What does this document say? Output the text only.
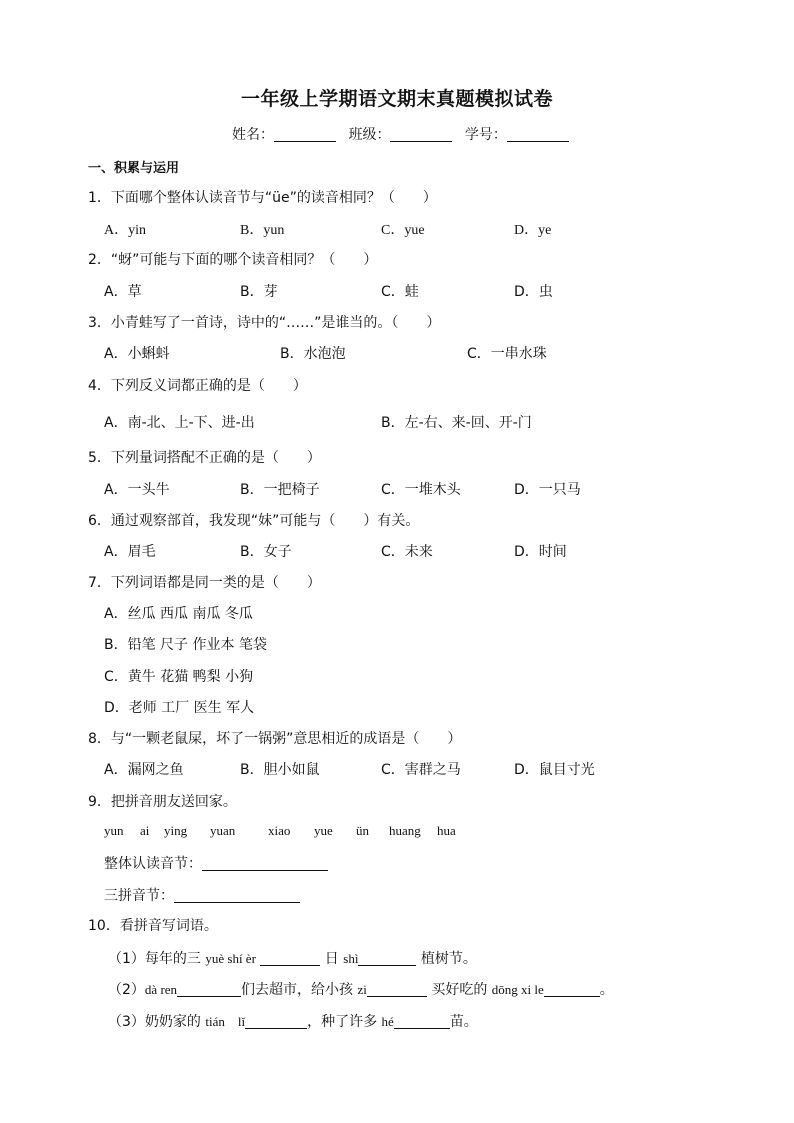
一年级上学期语文期末真题模拟试卷
姓名：	班级：	学号：
一、积累与运用
1．下面哪个整体认读音节与“üe”的读音相同？（　　）
A．yin	B．yun	C．yue	D．ye
2．“蚜”可能与下面的哪个读音相同？（　　）
A．草	B．芽	C．蛙	D．虫
3．小青蛙写了一首诗，诗中的“……”是谁当的。（　　）
A．小蝌蚪	B．水泡泡	C．一串水珠
4．下列反义词都正确的是（　　）
A．南-北、上-下、进-出	B．左-右、来-回、开-门
5．下列量词搭配不正确的是（　　）
A．一头牛	B．一把椅子	C．一堆木头	D．一只马
6．通过观察部首，我发现“妹”可能与（　　）有关。
A．眉毛	B．女子	C．未来	D．时间
7．下列词语都是同一类的是（　　）
A．丝瓜 西瓜 南瓜 冬瓜
B．铅笔 尺子 作业本 笔袋
C．黄牛 花猫 鸭梨 小狗
D．老师 工厂 医生 军人
8．与“一颗老鼠屎，坏了一锅粥”意思相近的成语是（　　）
A．漏网之鱼	B．胆小如鼠	C．害群之马	D．鼠目寸光
9．把拼音朋友送回家。
yun ai ying yuan	xiao yue ün huang hua
整体认读音节：
三拼音节：
10．看拼音写词语。
（1）每年的三 yuè shí èr	日 shì	植树节。
（2）dà ren	们去超市，给小孩 zi	买好吃的 dōng xi le	。
（3）奶奶家的 tián　lǐ	，种了许多 hé	苗。
